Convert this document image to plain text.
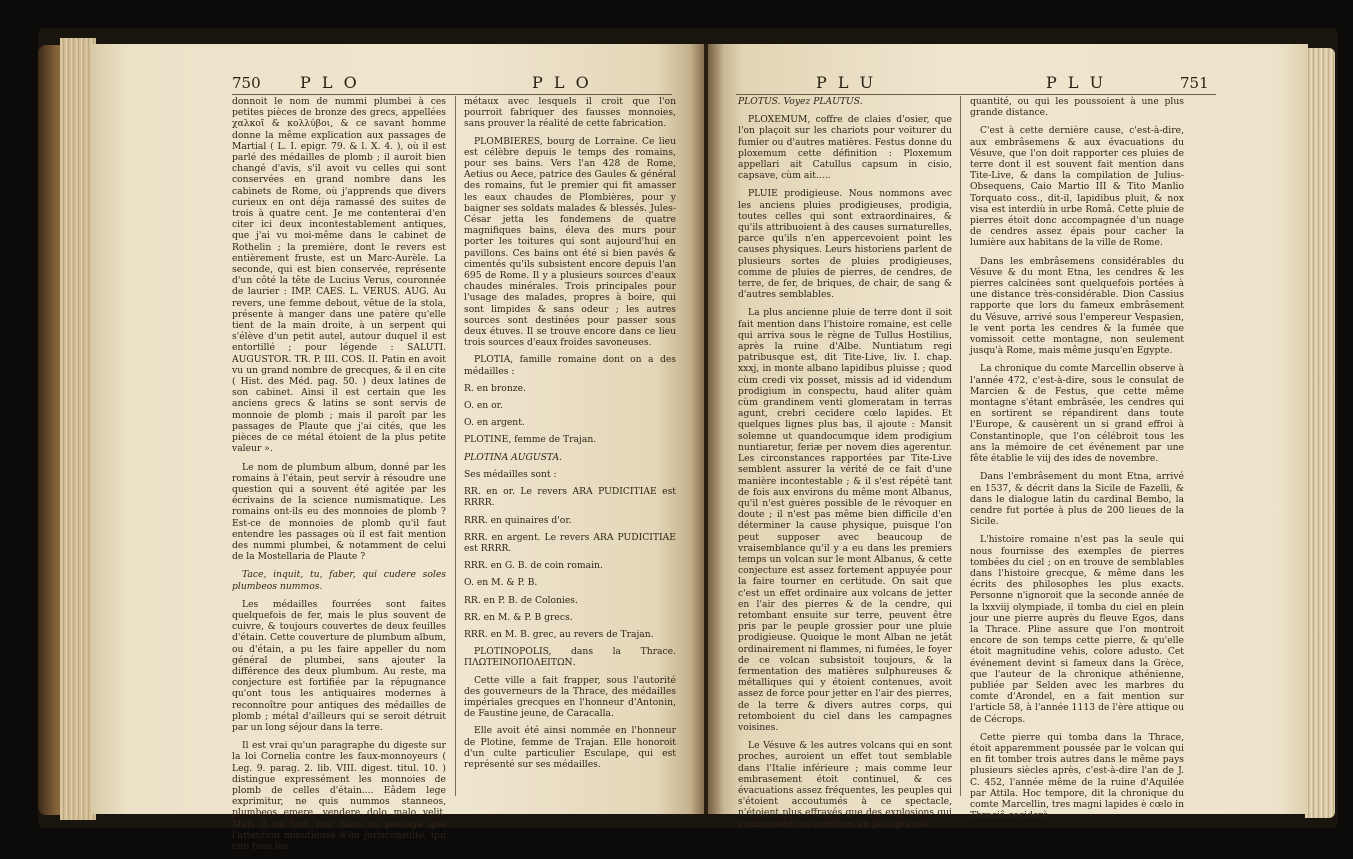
750 P L O	P L O

donnoit le nom de nummi plumbei à ces petites pièces de bronze des grecs, appellées χαλκοῖ & κολλύβοι, & ce savant homme donne la même explication aux passages de Martial ( L. I. epigr. 79. & l. X. 4. ), où il est parlé des médailles de plomb ; il auroit bien changé d'avis, s'il avoit vu celles qui sont conservées en grand nombre dans les cabinets de Rome, où j'apprends que divers curieux en ont déja ramassé des suites de trois à quatre cent. Je me contenterai d'en citer ici deux incontestablement antiques, que j'ai vu moi-même dans le cabinet de Rothelin ; la première, dont le revers est entièrement fruste, est un Marc-Aurèle. La seconde, qui est bien conservée, représente d'un côté la tête de Lucius Verus, couronnée de laurier : IMP. CAES. L. VERUS. AUG. Au revers, une femme debout, vêtue de la stola, présente à manger dans une patère qu'elle tient de la main droite, à un serpent qui s'élève d'un petit autel, autour duquel il est entortillé ; pour légende : SALUTI. AUGUSTOR. TR. P. III. COS. II. Patin en avoit vu un grand nombre de grecques, & il en cite ( Hist. des Méd. pag. 50. ) deux latines de son cabinet. Ainsi il est certain que les anciens grecs & latins se sont servis de monnoie de plomb ; mais il paroît par les passages de Plaute que j'ai cités, que les pièces de ce métal étoient de la plus petite valeur ».

Le nom de plumbum album, donné par les romains à l'étain, peut servir à résoudre une question qui a souvent été agitée par les écrivains de la science numismatique. Les romains ont-ils eu des monnoies de plomb ? Est-ce de monnoies de plomb qu'il faut entendre les passages où il est fait mention des nummi plumbei, & notamment de celui de la Mostellaria de Plaute ?

Tace, inquit, tu, faber, qui cudere soles plumbeos nummos.

Les médailles fourrées sont faites quelquefois de fer, mais le plus souvent de cuivre, & toujours couvertes de deux feuilles d'étain. Cette couverture de plumbum album, ou d'étain, a pu les faire appeller du nom général de plumbei, sans ajouter la différence des deux plumbum. Au reste, ma conjecture est fortifiée par la répugnance qu'ont tous les antiquaires modernes à reconnoître pour antiques des médailles de plomb ; métal d'ailleurs qui se seroit détruit par un long séjour dans la terre.

Il est vrai qu'un paragraphe du digeste sur la loi Cornelia contre les faux-monnoyeurs ( Leg. 9. parag. 2. lib. VIII. digest. titul. 10. ) distingue expressément les monnoies de plomb de celles d'étain.... Eâdem lege exprimitur, ne quis nummos stanneos, plumbeos emere, vendere dolo malo velit. Mais il ne faut voir dans ce passage que l'attention minutieuse d'un jurisconsulte, qui cite tous les

métaux avec lesquels il croit que l'on pourroit fabriquer des fausses monnoies, sans prouver la réalité de cette fabrication.

PLOMBIERES, bourg de Lorraine. Ce lieu est célèbre depuis le temps des romains, pour ses bains. Vers l'an 428 de Rome, Aetius ou Aece, patrice des Gaules & général des romains, fut le premier qui fit amasser les eaux chaudes de Plombières, pour y baigner ses soldats malades & blessés. Jules-César jetta les fondemens de quatre magnifiques bains, éleva des murs pour porter les toitures qui sont aujourd'hui en pavillons. Ces bains ont été si bien pavés & cimentés qu'ils subsistent encore depuis l'an 695 de Rome. Il y a plusieurs sources d'eaux chaudes minérales. Trois principales pour l'usage des malades, propres à boire, qui sont limpides & sans odeur ; les autres sources sont destinées pour passer sous deux étuves. Il se trouve encore dans ce lieu trois sources d'eaux froides savoneuses.

PLOTIA, famille romaine dont on a des médailles :

R. en bronze.

O. en or.

O. en argent.

PLOTINE, femme de Trajan.

PLOTINA AUGUSTA.

Ses médailles sont :

RR. en or. Le revers ARA PUDICITIAE est RRRR.

RRR. en quinaires d'or.

RRR. en argent. Le revers ARA PUDICITIAE est RRRR.

RRR. en G. B. de coin romain.

O. en M. & P. B.

RR. en P. B. de Colonies.

RR. en M. & P. B grecs.

RRR. en M. B. grec, au revers de Trajan.

PLOTINOPOLIS, dans la Thrace. ΠΛΩΤΕΙΝΟΠΟΛΕΙΤΩΝ.

Cette ville a fait frapper, sous l'autorité des gouverneurs de la Thrace, des médailles impériales grecques en l'honneur d'Antonin, de Faustine jeune, de Caracalla.

Elle avoit été ainsi nommée en l'honneur de Plotine, femme de Trajan. Elle honoroit d'un culte particulier Esculape, qui est représenté sur ses médailles.

P L U	P L U	751

PLOTUS. Voyez PLAUTUS.

PLOXEMUM, coffre de claies d'osier, que l'on plaçoit sur les chariots pour voiturer du fumier ou d'autres matières. Festus donne du ploxemum cette définition : Ploxemum appellari ait Catullus capsum in cisio, capsave, cùm ait.....

PLUIE prodigieuse. Nous nommons avec les anciens pluies prodigieuses, prodigia, toutes celles qui sont extraordinaires, & qu'ils attribuoient à des causes surnaturelles, parce qu'ils n'en appercevoient point les causes physiques. Leurs historiens parlent de plusieurs sortes de pluies prodigieuses, comme de pluies de pierres, de cendres, de terre, de fer, de briques, de chair, de sang & d'autres semblables.

La plus ancienne pluie de terre dont il soit fait mention dans l'histoire romaine, est celle qui arriva sous le règne de Tullus Hostilius, après la ruine d'Albe. Nuntiatum regi patribusque est, dit Tite-Live, liv. I. chap. xxxj, in monte albano lapidibus pluisse ; quod cùm credi vix posset, missis ad id videndum prodigium in conspectu, haud aliter quàm cùm grandinem venti glomeratam in terras agunt, crebri cecidere cœlo lapides. Et quelques lignes plus bas, il ajoute : Mansit solemne ut quandocumque idem prodigium nuntiaretur, feriæ per novem dies agerentur. Les circonstances rapportées par Tite-Live semblent assurer la vérité de ce fait d'une manière incontestable ; & il s'est répété tant de fois aux environs du même mont Albanus, qu'il n'est guères possible de le révoquer en doute ; il n'est pas même bien difficile d'en déterminer la cause physique, puisque l'on peut supposer avec beaucoup de vraisemblance qu'il y a eu dans les premiers temps un volcan sur le mont Albanus, & cette conjecture est assez fortement appuyée pour la faire tourner en certitude. On sait que c'est un effet ordinaire aux volcans de jetter en l'air des pierres & de la cendre, qui retombant ensuite sur terre, peuvent être pris par le peuple grossier pour une pluie prodigieuse. Quoique le mont Alban ne jetât ordinairement ni flammes, ni fumées, le foyer de ce volcan subsistoit toujours, & la fermentation des matières sulphureuses & métalliques qui y étoient contenues, avoit assez de force pour jetter en l'air des pierres, de la terre & divers autres corps, qui retomboient du ciel dans les campagnes voisines.

Le Vésuve & les autres volcans qui en sont proches, auroient un effet tout semblable dans l'Italie inférieure ; mais comme leur embrasement étoit continuel, & ces évacuations assez fréquentes, les peuples qui s'étoient accoutumés à ce spectacle, n'étoient plus effrayés que des explosions qui vomissoient ces matières en plus grande

quantité, ou qui les poussoient à une plus grande distance.

C'est à cette dernière cause, c'est-à-dire, aux embrâsemens & aux évacuations du Vésuve, que l'on doit rapporter ces pluies de terre dont il est souvent fait mention dans Tite-Live, & dans la compilation de Julius-Obsequens, Caio Martio III & Tito Manlio Torquato coss., dit-il, lapidibus pluit, & nox visa est interdiù in urbe Româ. Cette pluie de pierres étoit donc accompagnée d'un nuage de cendres assez épais pour cacher la lumière aux habitans de la ville de Rome.

Dans les embrâsemens considérables du Vésuve & du mont Etna, les cendres & les pierres calcinées sont quelquefois portées à une distance très-considérable. Dion Cassius rapporte que lors du fameux embrâsement du Vésuve, arrivé sous l'empereur Vespasien, le vent porta les cendres & la fumée que vomissoit cette montagne, non seulement jusqu'à Rome, mais même jusqu'en Egypte.

La chronique du comte Marcellin observe à l'année 472, c'est-à-dire, sous le consulat de Marcien & de Festus, que cette même montagne s'étant embrâsée, les cendres qui en sortirent se répandirent dans toute l'Europe, & causèrent un si grand effroi à Constantinople, que l'on célébroit tous les ans la mémoire de cet événement par une fête établie le viij des ides de novembre.

Dans l'embrâsement du mont Etna, arrivé en 1537, & décrit dans la Sicile de Fazelli, & dans le dialogue latin du cardinal Bembo, la cendre fut portée à plus de 200 lieues de la Sicile.

L'histoire romaine n'est pas la seule qui nous fournisse des exemples de pierres tombées du ciel ; on en trouve de semblables dans l'histoire grecque, & même dans les écrits des philosophes les plus exacts. Personne n'ignoroit que la seconde année de la lxxviij olympiade, il tomba du ciel en plein jour une pierre auprès du fleuve Egos, dans la Thrace. Pline assure que l'on montroit encore de son temps cette pierre, & qu'elle étoit magnitudine vehis, colore adusto. Cet événement devint si fameux dans la Grèce, que l'auteur de la chronique athénienne, publiée par Selden avec les marbres du comte d'Arondel, en a fait mention sur l'article 58, à l'année 1113 de l'ère attique ou de Cécrops.

Cette pierre qui tomba dans la Thrace, étoit apparemment poussée par le volcan qui en fit tomber trois autres dans le même pays plusieurs siècles après, c'est-à-dire l'an de J. C. 452, l'année même de la ruine d'Aquilée par Attila. Hoc tempore, dit la chronique du comte Marcellin, tres magni lapides è cœlo in Thraciâ ceciderè.
